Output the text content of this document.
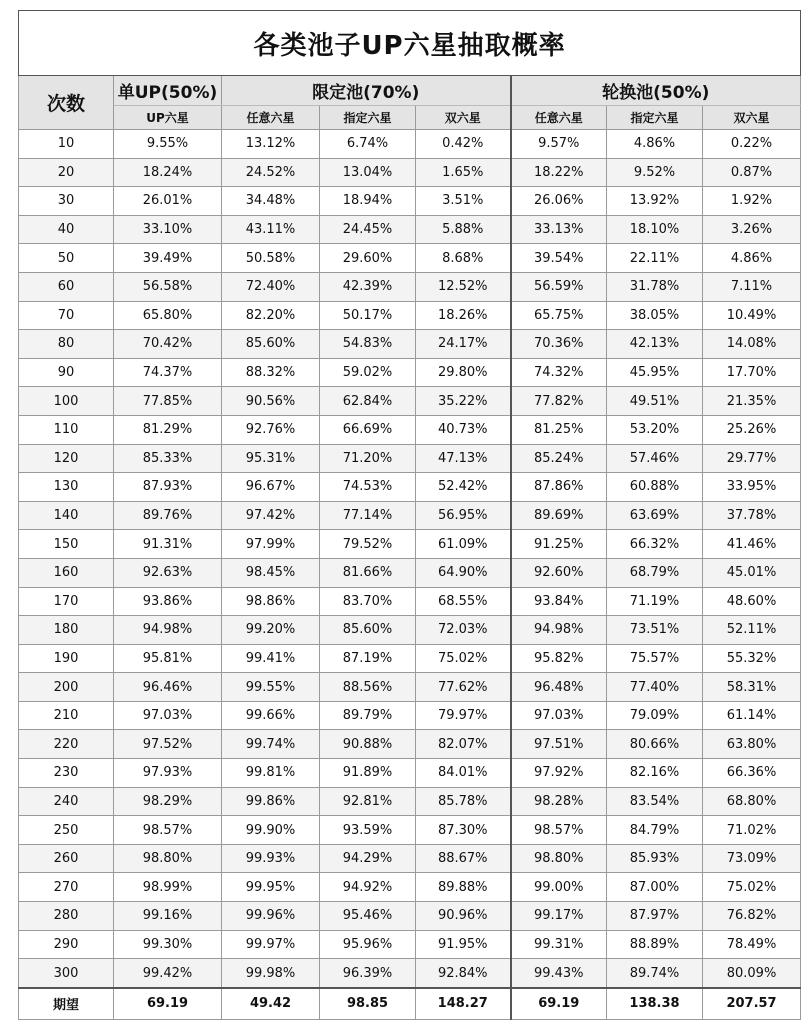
各类池子UP六星抽取概率							
次数	单UP(50%)	限定池(70%)			轮换池(50%)		
	UP六星	任意六星	指定六星	双六星	任意六星	指定六星	双六星
10	9.55%	13.12%	6.74%	0.42%	9.57%	4.86%	0.22%
20	18.24%	24.52%	13.04%	1.65%	18.22%	9.52%	0.87%
30	26.01%	34.48%	18.94%	3.51%	26.06%	13.92%	1.92%
40	33.10%	43.11%	24.45%	5.88%	33.13%	18.10%	3.26%
50	39.49%	50.58%	29.60%	8.68%	39.54%	22.11%	4.86%
60	56.58%	72.40%	42.39%	12.52%	56.59%	31.78%	7.11%
70	65.80%	82.20%	50.17%	18.26%	65.75%	38.05%	10.49%
80	70.42%	85.60%	54.83%	24.17%	70.36%	42.13%	14.08%
90	74.37%	88.32%	59.02%	29.80%	74.32%	45.95%	17.70%
100	77.85%	90.56%	62.84%	35.22%	77.82%	49.51%	21.35%
110	81.29%	92.76%	66.69%	40.73%	81.25%	53.20%	25.26%
120	85.33%	95.31%	71.20%	47.13%	85.24%	57.46%	29.77%
130	87.93%	96.67%	74.53%	52.42%	87.86%	60.88%	33.95%
140	89.76%	97.42%	77.14%	56.95%	89.69%	63.69%	37.78%
150	91.31%	97.99%	79.52%	61.09%	91.25%	66.32%	41.46%
160	92.63%	98.45%	81.66%	64.90%	92.60%	68.79%	45.01%
170	93.86%	98.86%	83.70%	68.55%	93.84%	71.19%	48.60%
180	94.98%	99.20%	85.60%	72.03%	94.98%	73.51%	52.11%
190	95.81%	99.41%	87.19%	75.02%	95.82%	75.57%	55.32%
200	96.46%	99.55%	88.56%	77.62%	96.48%	77.40%	58.31%
210	97.03%	99.66%	89.79%	79.97%	97.03%	79.09%	61.14%
220	97.52%	99.74%	90.88%	82.07%	97.51%	80.66%	63.80%
230	97.93%	99.81%	91.89%	84.01%	97.92%	82.16%	66.36%
240	98.29%	99.86%	92.81%	85.78%	98.28%	83.54%	68.80%
250	98.57%	99.90%	93.59%	87.30%	98.57%	84.79%	71.02%
260	98.80%	99.93%	94.29%	88.67%	98.80%	85.93%	73.09%
270	98.99%	99.95%	94.92%	89.88%	99.00%	87.00%	75.02%
280	99.16%	99.96%	95.46%	90.96%	99.17%	87.97%	76.82%
290	99.30%	99.97%	95.96%	91.95%	99.31%	88.89%	78.49%
300	99.42%	99.98%	96.39%	92.84%	99.43%	89.74%	80.09%
期望	69.19	49.42	98.85	148.27	69.19	138.38	207.57
